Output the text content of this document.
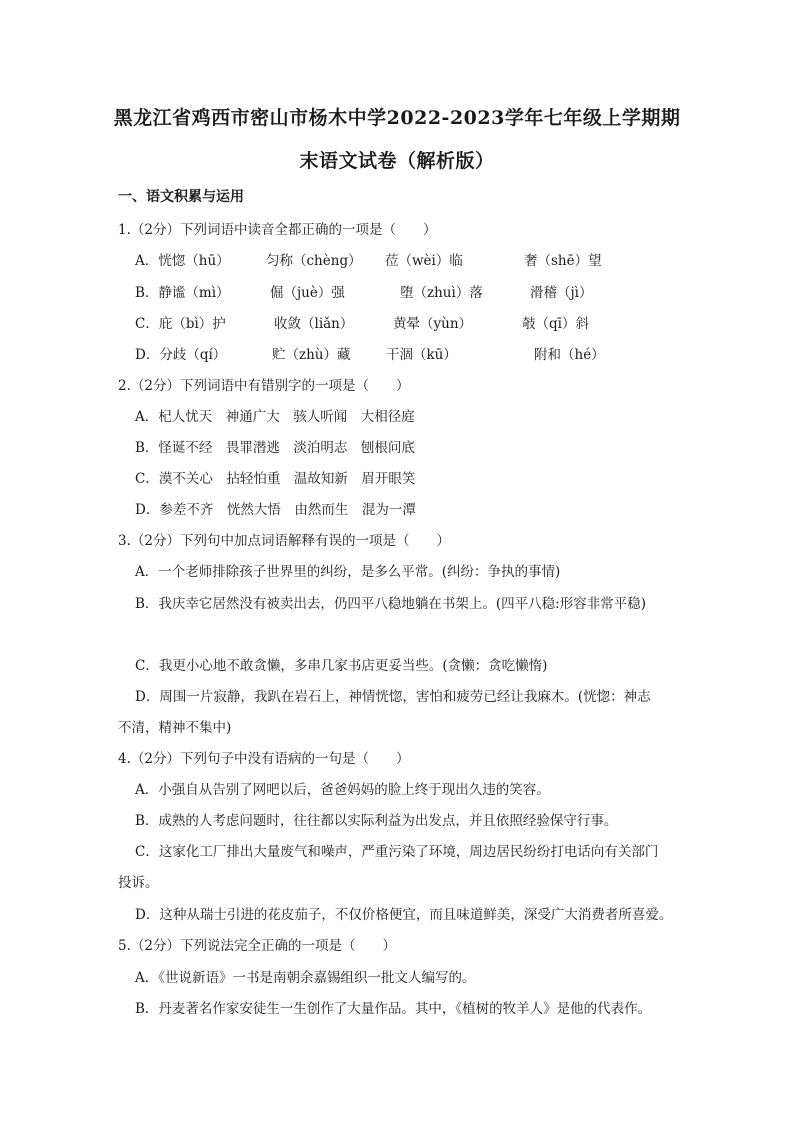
黑龙江省鸡西市密山市杨木中学2022-2023学年七年级上学期期
末语文试卷（解析版）
一、语文积累与运用
1.（2分）下列词语中读音全都正确的一项是（　　）
A．恍惚（hū）	匀称（chèng） 莅（wèi）临	奢（shē）望
B．静谧（mì）	倔（juè）强	堕（zhuì）落	滑稽（jì）
C．庇（bì）护	收敛（liǎn）	黄晕（yùn）	攲（qī）斜
D．分歧（qí）	贮（zhù）藏	干涸（kū）	附和（hé）
2.（2分）下列词语中有错别字的一项是（　　）
A．杞人忧天　神通广大　骇人听闻　大相径庭
B．怪诞不经　畏罪潜逃　淡泊明志　刨根问底
C．漠不关心　拈轻怕重　温故知新　眉开眼笑
D．参差不齐　恍然大悟　由然而生　混为一潭
3.（2分）下列句中加点词语解释有误的一项是（　　）
A．一个老师排除孩子世界里的纠纷，是多么平常。(纠纷：争执的事情)
B．我庆幸它居然没有被卖出去，仍四平八稳地躺在书架上。(四平八稳:形容非常平稳)
C．我更小心地不敢贪懒，多串几家书店更妥当些。(贪懒：贪吃懒惰)
D．周围一片寂静，我趴在岩石上，神情恍惚，害怕和疲劳已经让我麻木。(恍惚：神志
不清，精神不集中)
4.（2分）下列句子中没有语病的一句是（　　）
A．小强自从告别了网吧以后，爸爸妈妈的脸上终于现出久违的笑容。
B．成熟的人考虑问题时，往往都以实际利益为出发点，并且依照经验保守行事。
C．这家化工厂排出大量废气和噪声，严重污染了环境，周边居民纷纷打电话向有关部门
投诉。
D．这种从瑞士引进的花皮茄子，不仅价格便宜，而且味道鲜美，深受广大消费者所喜爱。
5.（2分）下列说法完全正确的一项是（　　）
A．《世说新语》一书是南朝余嘉锡组织一批文人编写的。
B．丹麦著名作家安徒生一生创作了大量作品。其中，《植树的牧羊人》是他的代表作。
